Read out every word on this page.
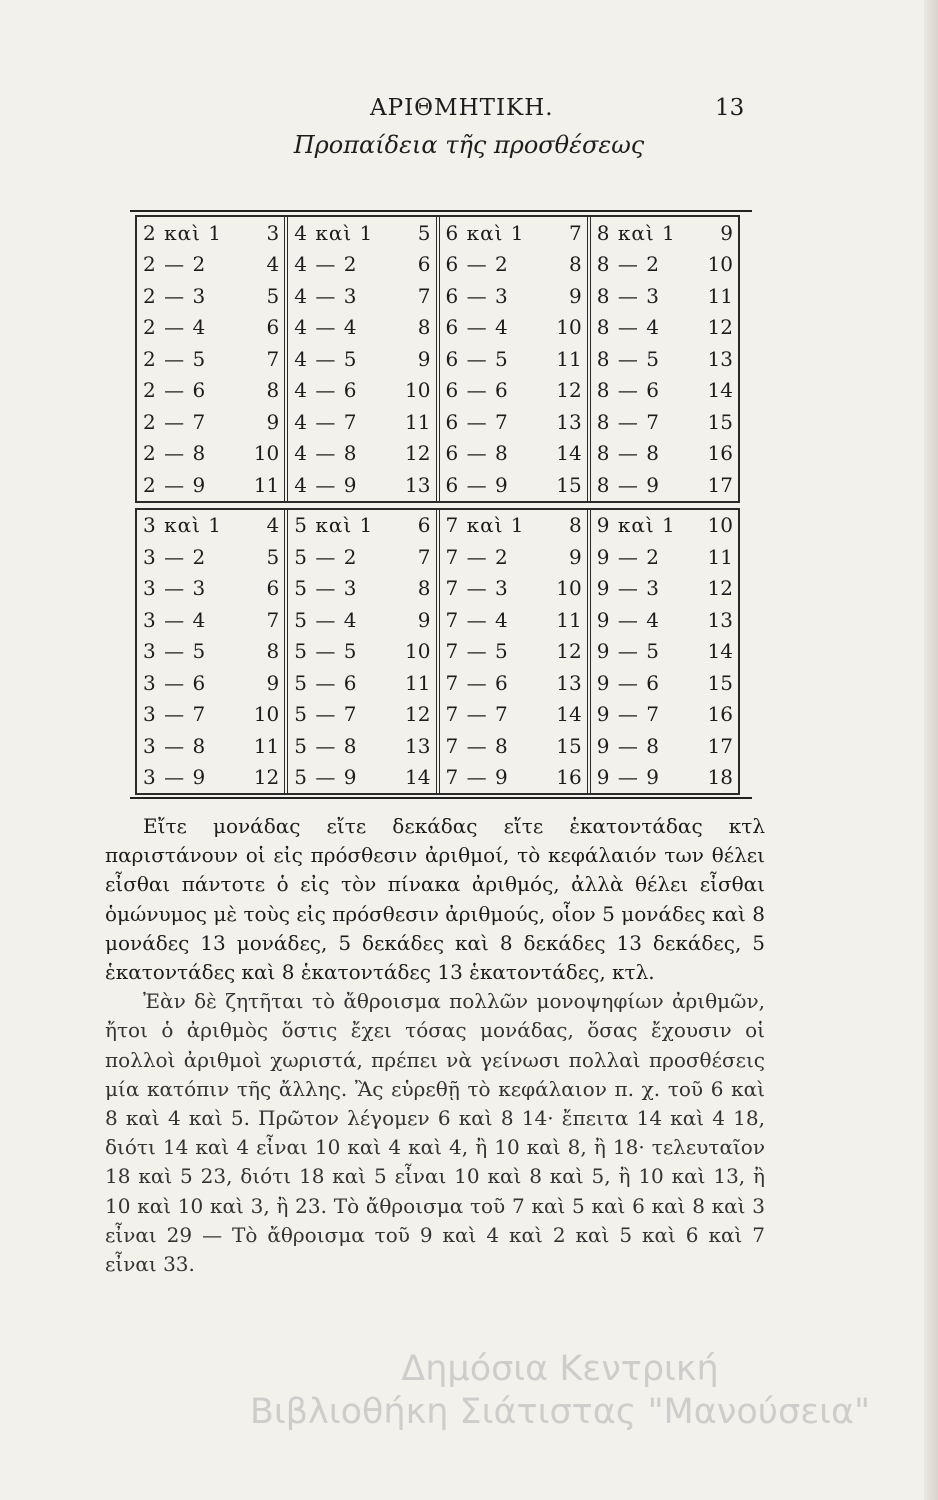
ΑΡΙΘΜΗΤΙΚΗ.	13
Προπαίδεια τῆς προσθέσεως
2 καὶ 1	3
2 — 2	4
2 — 3	5
2 — 4	6
2 — 5	7
2 — 6	8
2 — 7	9
2 — 8 10
2 — 9 11
4 καὶ 1	5
4 — 2	6
4 — 3	7
4 — 4	8
4 — 5	9
4 — 6 10
4 — 7 11
4 — 8 12
4 — 9 13
6 καὶ 1	7
6 — 2	8
6 — 3	9
6 — 4 10
6 — 5 11
6 — 6 12
6 — 7 13
6 — 8 14
6 — 9 15
8 καὶ 1	9
8 — 2 10
8 — 3 11
8 — 4 12
8 — 5 13
8 — 6 14
8 — 7 15
8 — 8 16
8 — 9 17
3 καὶ 1	4
3 — 2	5
3 — 3	6
3 — 4	7
3 — 5	8
3 — 6	9
3 — 7 10
3 — 8 11
3 — 9 12
5 καὶ 1	6
5 — 2	7
5 — 3	8
5 — 4	9
5 — 5 10
5 — 6 11
5 — 7 12
5 — 8 13
5 — 9 14
7 καὶ 1	8
7 — 2	9
7 — 3 10
7 — 4 11
7 — 5 12
7 — 6 13
7 — 7 14
7 — 8 15
7 — 9 16
9 καὶ 1 10
9 — 2 11
9 — 3 12
9 — 4 13
9 — 5 14
9 — 6 15
9 — 7 16
9 — 8 17
9 — 9 18

Εἴτε μονάδας εἴτε δεκάδας εἴτε ἑκατοντάδας κτλ παριστάνουν οἱ εἰς πρόσθεσιν ἀριθμοί, τὸ κεφάλαιόν των θέλει εἶσθαι πάντοτε ὁ εἰς τὸν πίνακα ἀριθμός, ἀλλὰ θέλει εἶσθαι ὁμώνυμος μὲ τοὺς εἰς πρόσθεσιν ἀριθμούς, οἷον 5 μονάδες καὶ 8 μονάδες 13 μονάδες, 5 δεκάδες καὶ 8 δεκάδες 13 δεκάδες, 5 ἑκατοντάδες καὶ 8 ἑκατοντάδες 13 ἑκατοντάδες, κτλ.

Ἐὰν δὲ ζητῆται τὸ ἄθροισμα πολλῶν μονοψηφίων ἀριθμῶν, ἤτοι ὁ ἀριθμὸς ὅστις ἔχει τόσας μονάδας, ὅσας ἔχουσιν οἱ πολλοὶ ἀριθμοὶ χωριστά, πρέπει νὰ γείνωσι πολλαὶ προσθέσεις μία κατόπιν τῆς ἄλλης. Ἂς εὑρεθῇ τὸ κεφάλαιον π. χ. τοῦ 6 καὶ 8 καὶ 4 καὶ 5. Πρῶτον λέγομεν 6 καὶ 8 14· ἔπειτα 14 καὶ 4 18, διότι 14 καὶ 4 εἶναι 10 καὶ 4 καὶ 4, ἢ 10 καὶ 8, ἢ 18· τελευταῖον 18 καὶ 5 23, διότι 18 καὶ 5 εἶναι 10 καὶ 8 καὶ 5, ἢ 10 καὶ 13, ἢ 10 καὶ 10 καὶ 3, ἢ 23. Τὸ ἄθροισμα τοῦ 7 καὶ 5 καὶ 6 καὶ 8 καὶ 3 εἶναι 29 — Τὸ ἄθροισμα τοῦ 9 καὶ 4 καὶ 2 καὶ 5 καὶ 6 καὶ 7 εἶναι 33.

Δημόσια Κεντρική
Βιβλιοθήκη Σιάτιστας "Μανούσεια"
